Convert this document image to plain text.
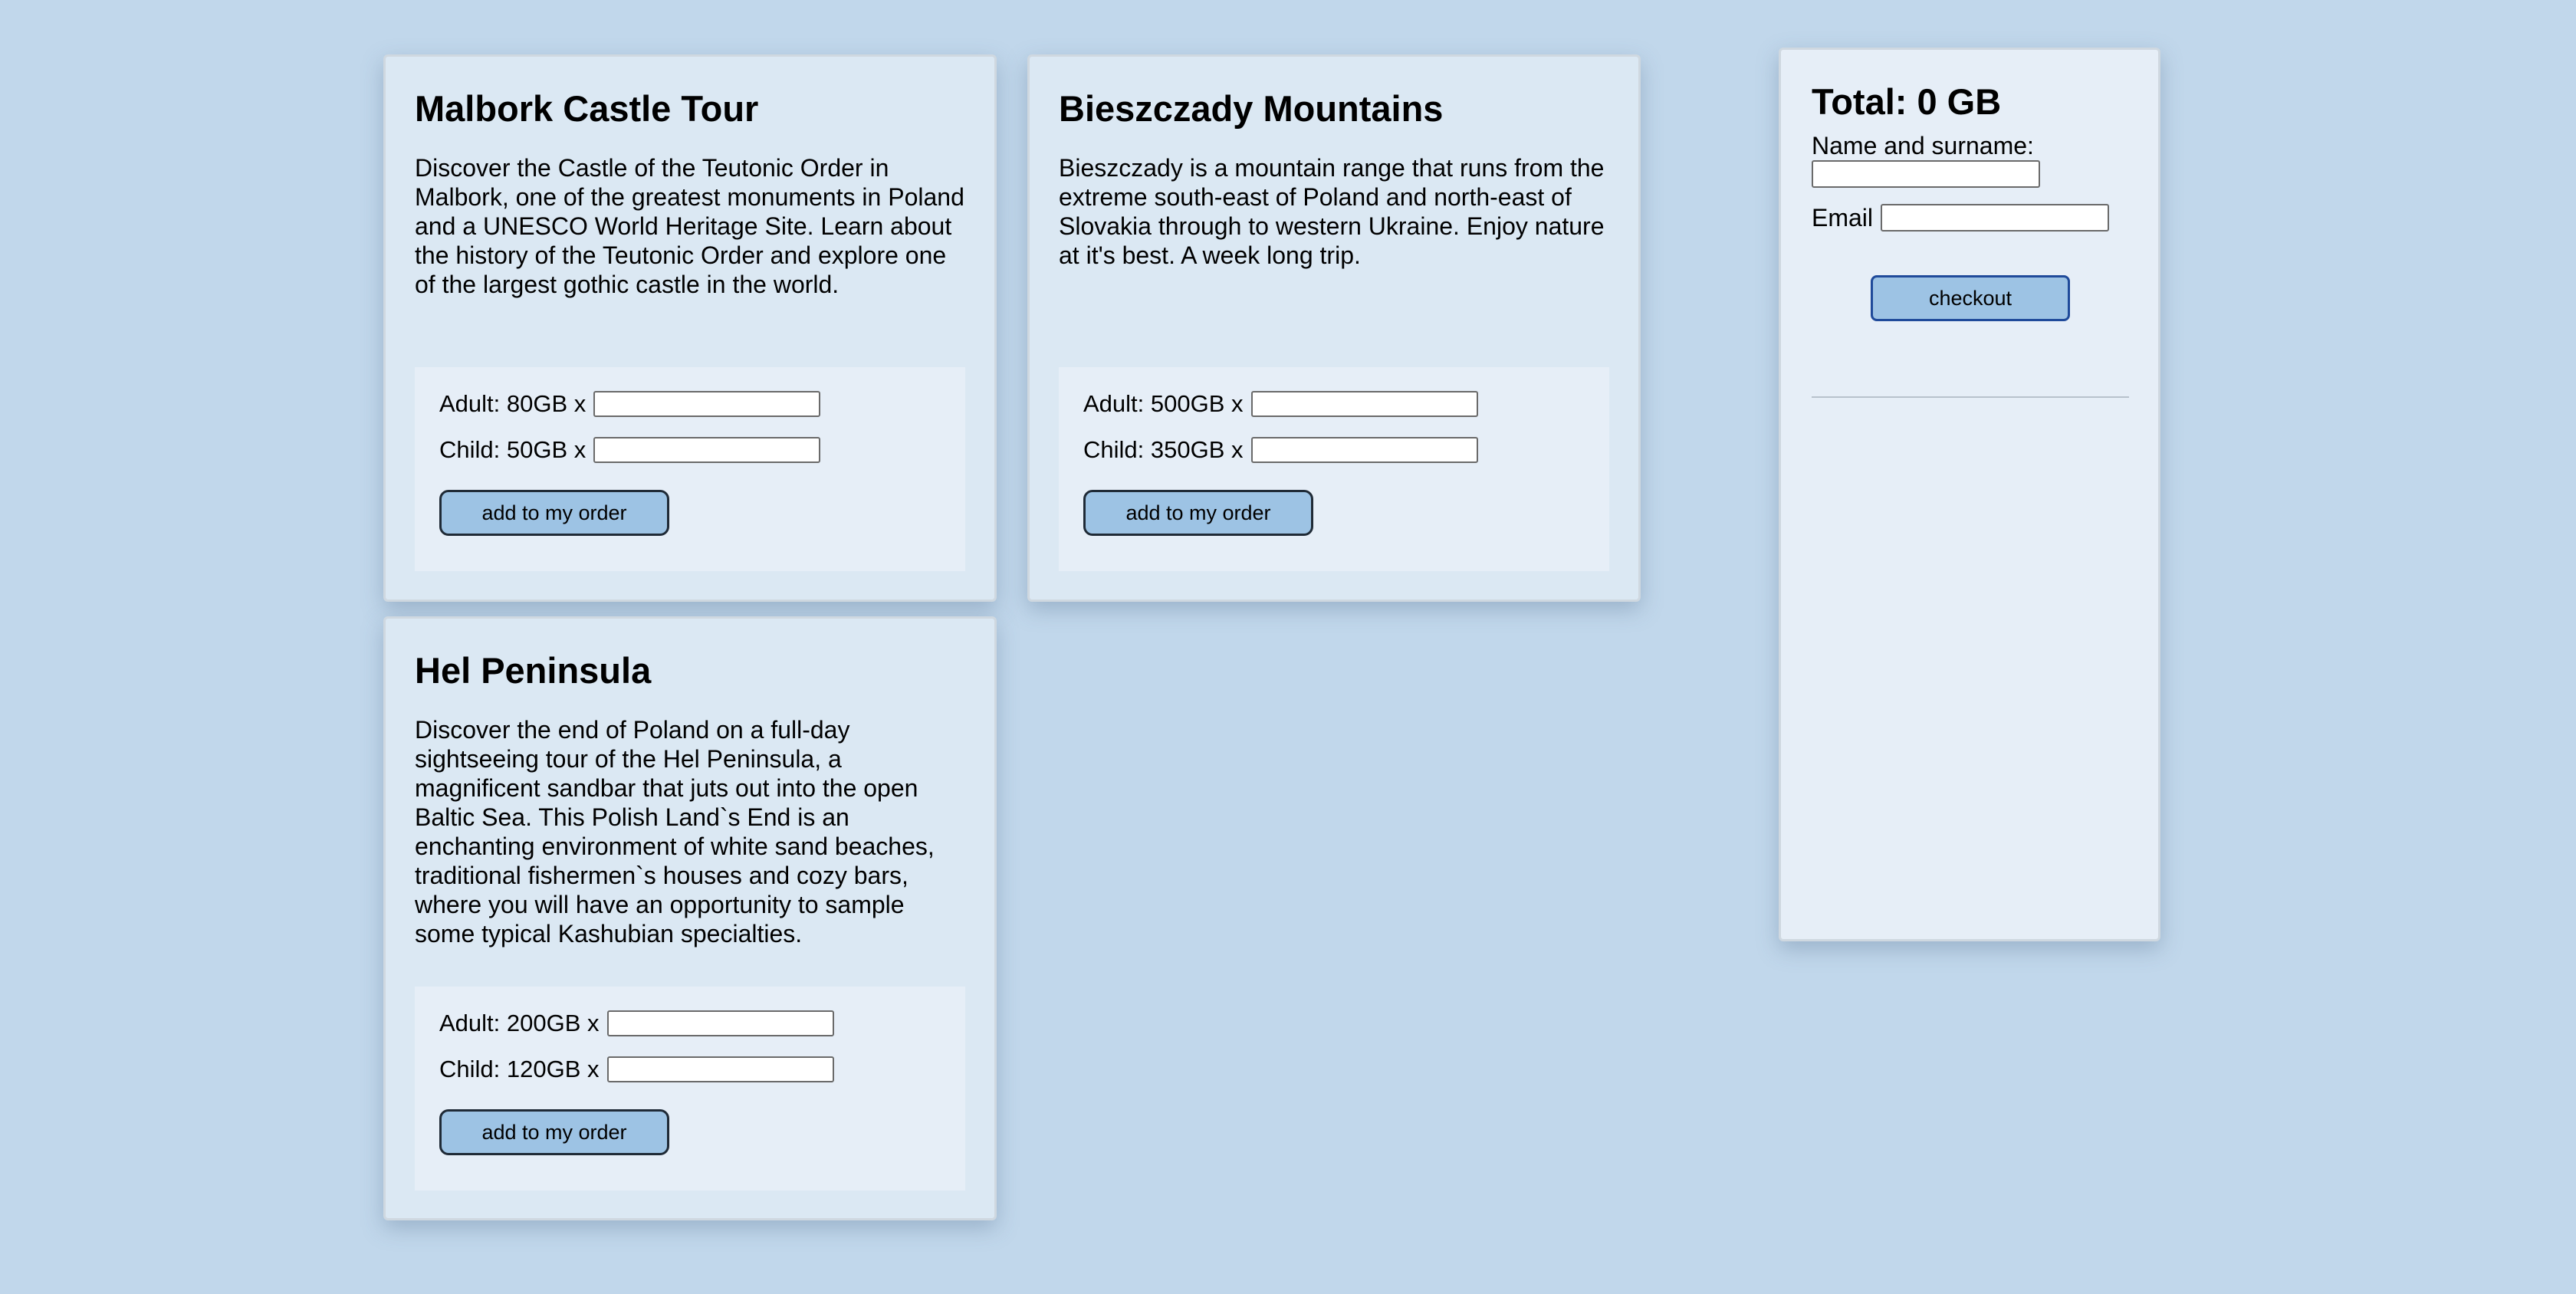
Malbork Castle Tour

Discover the Castle of the Teutonic Order in Malbork, one of the greatest monuments in Poland and a UNESCO World Heritage Site. Learn about the history of the Teutonic Order and explore one of the largest gothic castle in the world.

Adult: 80GB x
Child: 50GB x
add to my order
Bieszczady Mountains

Bieszczady is a mountain range that runs from the extreme south-east of Poland and north-east of Slovakia through to western Ukraine. Enjoy nature at it's best. A week long trip.

Adult: 500GB x
Child: 350GB x
add to my order
Hel Peninsula

Discover the end of Poland on a full-day sightseeing tour of the Hel Peninsula, a magnificent sandbar that juts out into the open Baltic Sea. This Polish Land`s End is an enchanting environment of white sand beaches, traditional fishermen`s houses and cozy bars, where you will have an opportunity to sample some typical Kashubian specialties.

Adult: 200GB x
Child: 120GB x
add to my order
Total: 0 GB
Name and surname:
Email
checkout
